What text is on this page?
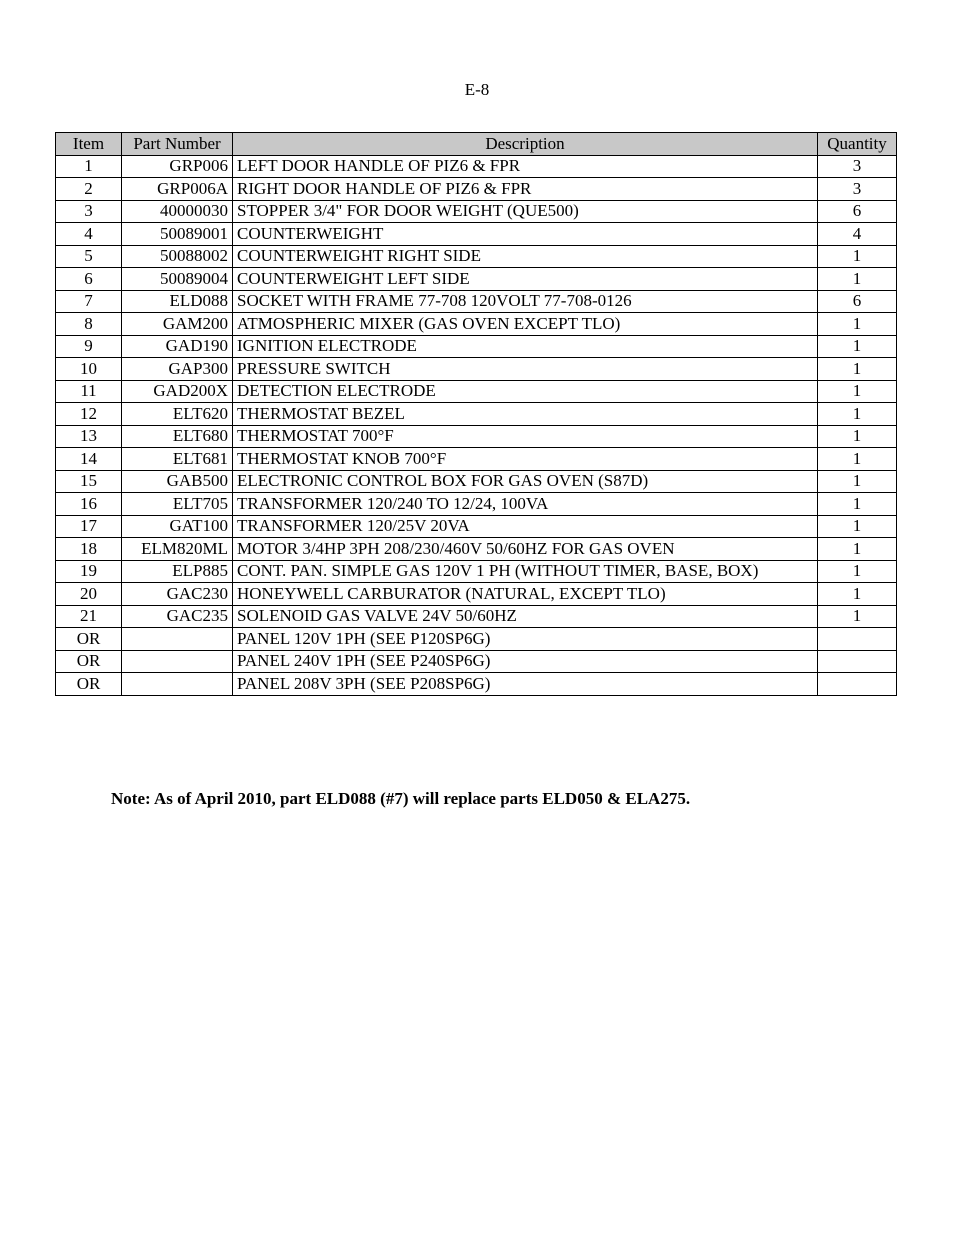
E-8
Item	Part Number	Description	Quantity
1	GRP006	LEFT DOOR HANDLE OF PIZ6 & FPR	3
2	GRP006A	RIGHT DOOR HANDLE OF PIZ6 & FPR	3
3	40000030	STOPPER 3/4" FOR DOOR WEIGHT (QUE500)	6
4	50089001	COUNTERWEIGHT	4
5	50088002	COUNTERWEIGHT RIGHT SIDE	1
6	50089004	COUNTERWEIGHT LEFT SIDE	1
7	ELD088	SOCKET WITH FRAME 77-708 120VOLT 77-708-0126	6
8	GAM200	ATMOSPHERIC MIXER (GAS OVEN EXCEPT TLO)	1
9	GAD190	IGNITION ELECTRODE	1
10	GAP300	PRESSURE SWITCH	1
11	GAD200X	DETECTION ELECTRODE	1
12	ELT620	THERMOSTAT BEZEL	1
13	ELT680	THERMOSTAT 700°F	1
14	ELT681	THERMOSTAT KNOB 700°F	1
15	GAB500	ELECTRONIC CONTROL BOX FOR GAS OVEN (S87D)	1
16	ELT705	TRANSFORMER 120/240 TO 12/24, 100VA	1
17	GAT100	TRANSFORMER 120/25V 20VA	1
18	ELM820ML	MOTOR 3/4HP 3PH 208/230/460V 50/60HZ FOR GAS OVEN	1
19	ELP885	CONT. PAN. SIMPLE GAS 120V 1 PH (WITHOUT TIMER, BASE, BOX)	1
20	GAC230	HONEYWELL CARBURATOR (NATURAL, EXCEPT TLO)	1
21	GAC235	SOLENOID GAS VALVE 24V 50/60HZ	1
OR		PANEL 120V 1PH (SEE P120SP6G)	
OR		PANEL 240V 1PH (SEE P240SP6G)	
OR		PANEL 208V 3PH (SEE P208SP6G)	
Note: As of April 2010, part ELD088 (#7) will replace parts ELD050 & ELA275.
